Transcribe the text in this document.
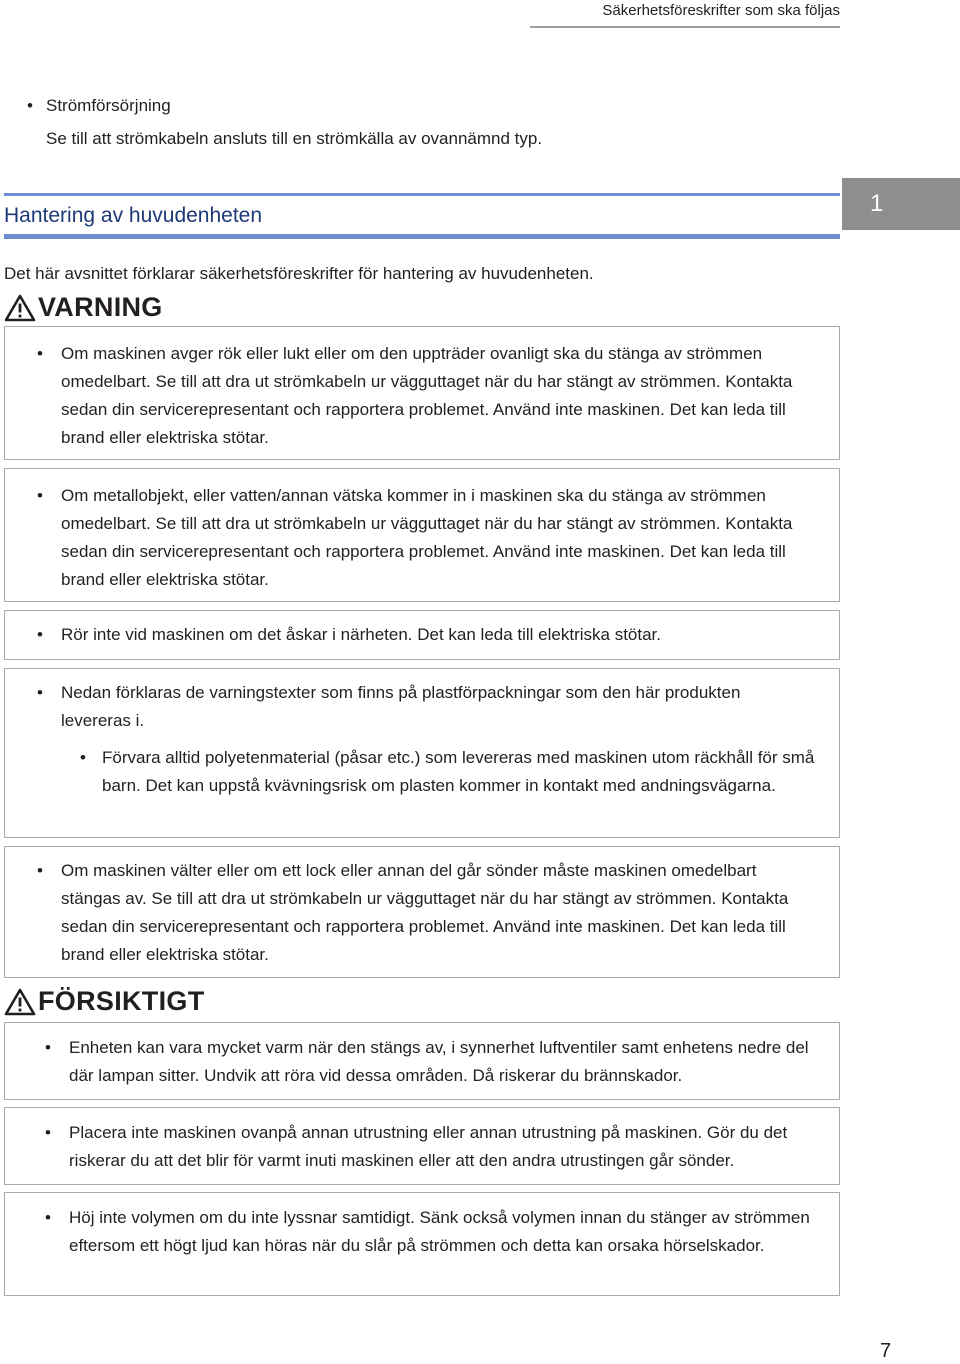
Säkerhetsföreskrifter som ska följas
• Strömförsörjning
Se till att strömkabeln ansluts till en strömkälla av ovannämnd typ.
Hantering av huvudenheten	1
Det här avsnittet förklarar säkerhetsföreskrifter för hantering av huvudenheten.
VARNING
• Om maskinen avger rök eller lukt eller om den uppträder ovanligt ska du stänga av strömmen omedelbart. Se till att dra ut strömkabeln ur vägguttaget när du har stängt av strömmen. Kontakta sedan din servicerepresentant och rapportera problemet. Använd inte maskinen. Det kan leda till brand eller elektriska stötar.
• Om metallobjekt, eller vatten/annan vätska kommer in i maskinen ska du stänga av strömmen omedelbart. Se till att dra ut strömkabeln ur vägguttaget när du har stängt av strömmen. Kontakta sedan din servicerepresentant och rapportera problemet. Använd inte maskinen. Det kan leda till brand eller elektriska stötar.
• Rör inte vid maskinen om det åskar i närheten. Det kan leda till elektriska stötar.
• Nedan förklaras de varningstexter som finns på plastförpackningar som den här produkten levereras i.
• Förvara alltid polyetenmaterial (påsar etc.) som levereras med maskinen utom räckhåll för små barn. Det kan uppstå kvävningsrisk om plasten kommer in kontakt med andningsvägarna.
• Om maskinen välter eller om ett lock eller annan del går sönder måste maskinen omedelbart stängas av. Se till att dra ut strömkabeln ur vägguttaget när du har stängt av strömmen. Kontakta sedan din servicerepresentant och rapportera problemet. Använd inte maskinen. Det kan leda till brand eller elektriska stötar.
FÖRSIKTIGT
• Enheten kan vara mycket varm när den stängs av, i synnerhet luftventiler samt enhetens nedre del där lampan sitter. Undvik att röra vid dessa områden. Då riskerar du brännskador.
• Placera inte maskinen ovanpå annan utrustning eller annan utrustning på maskinen. Gör du det riskerar du att det blir för varmt inuti maskinen eller att den andra utrustingen går sönder.
• Höj inte volymen om du inte lyssnar samtidigt. Sänk också volymen innan du stänger av strömmen eftersom ett högt ljud kan höras när du slår på strömmen och detta kan orsaka hörselskador.
7
